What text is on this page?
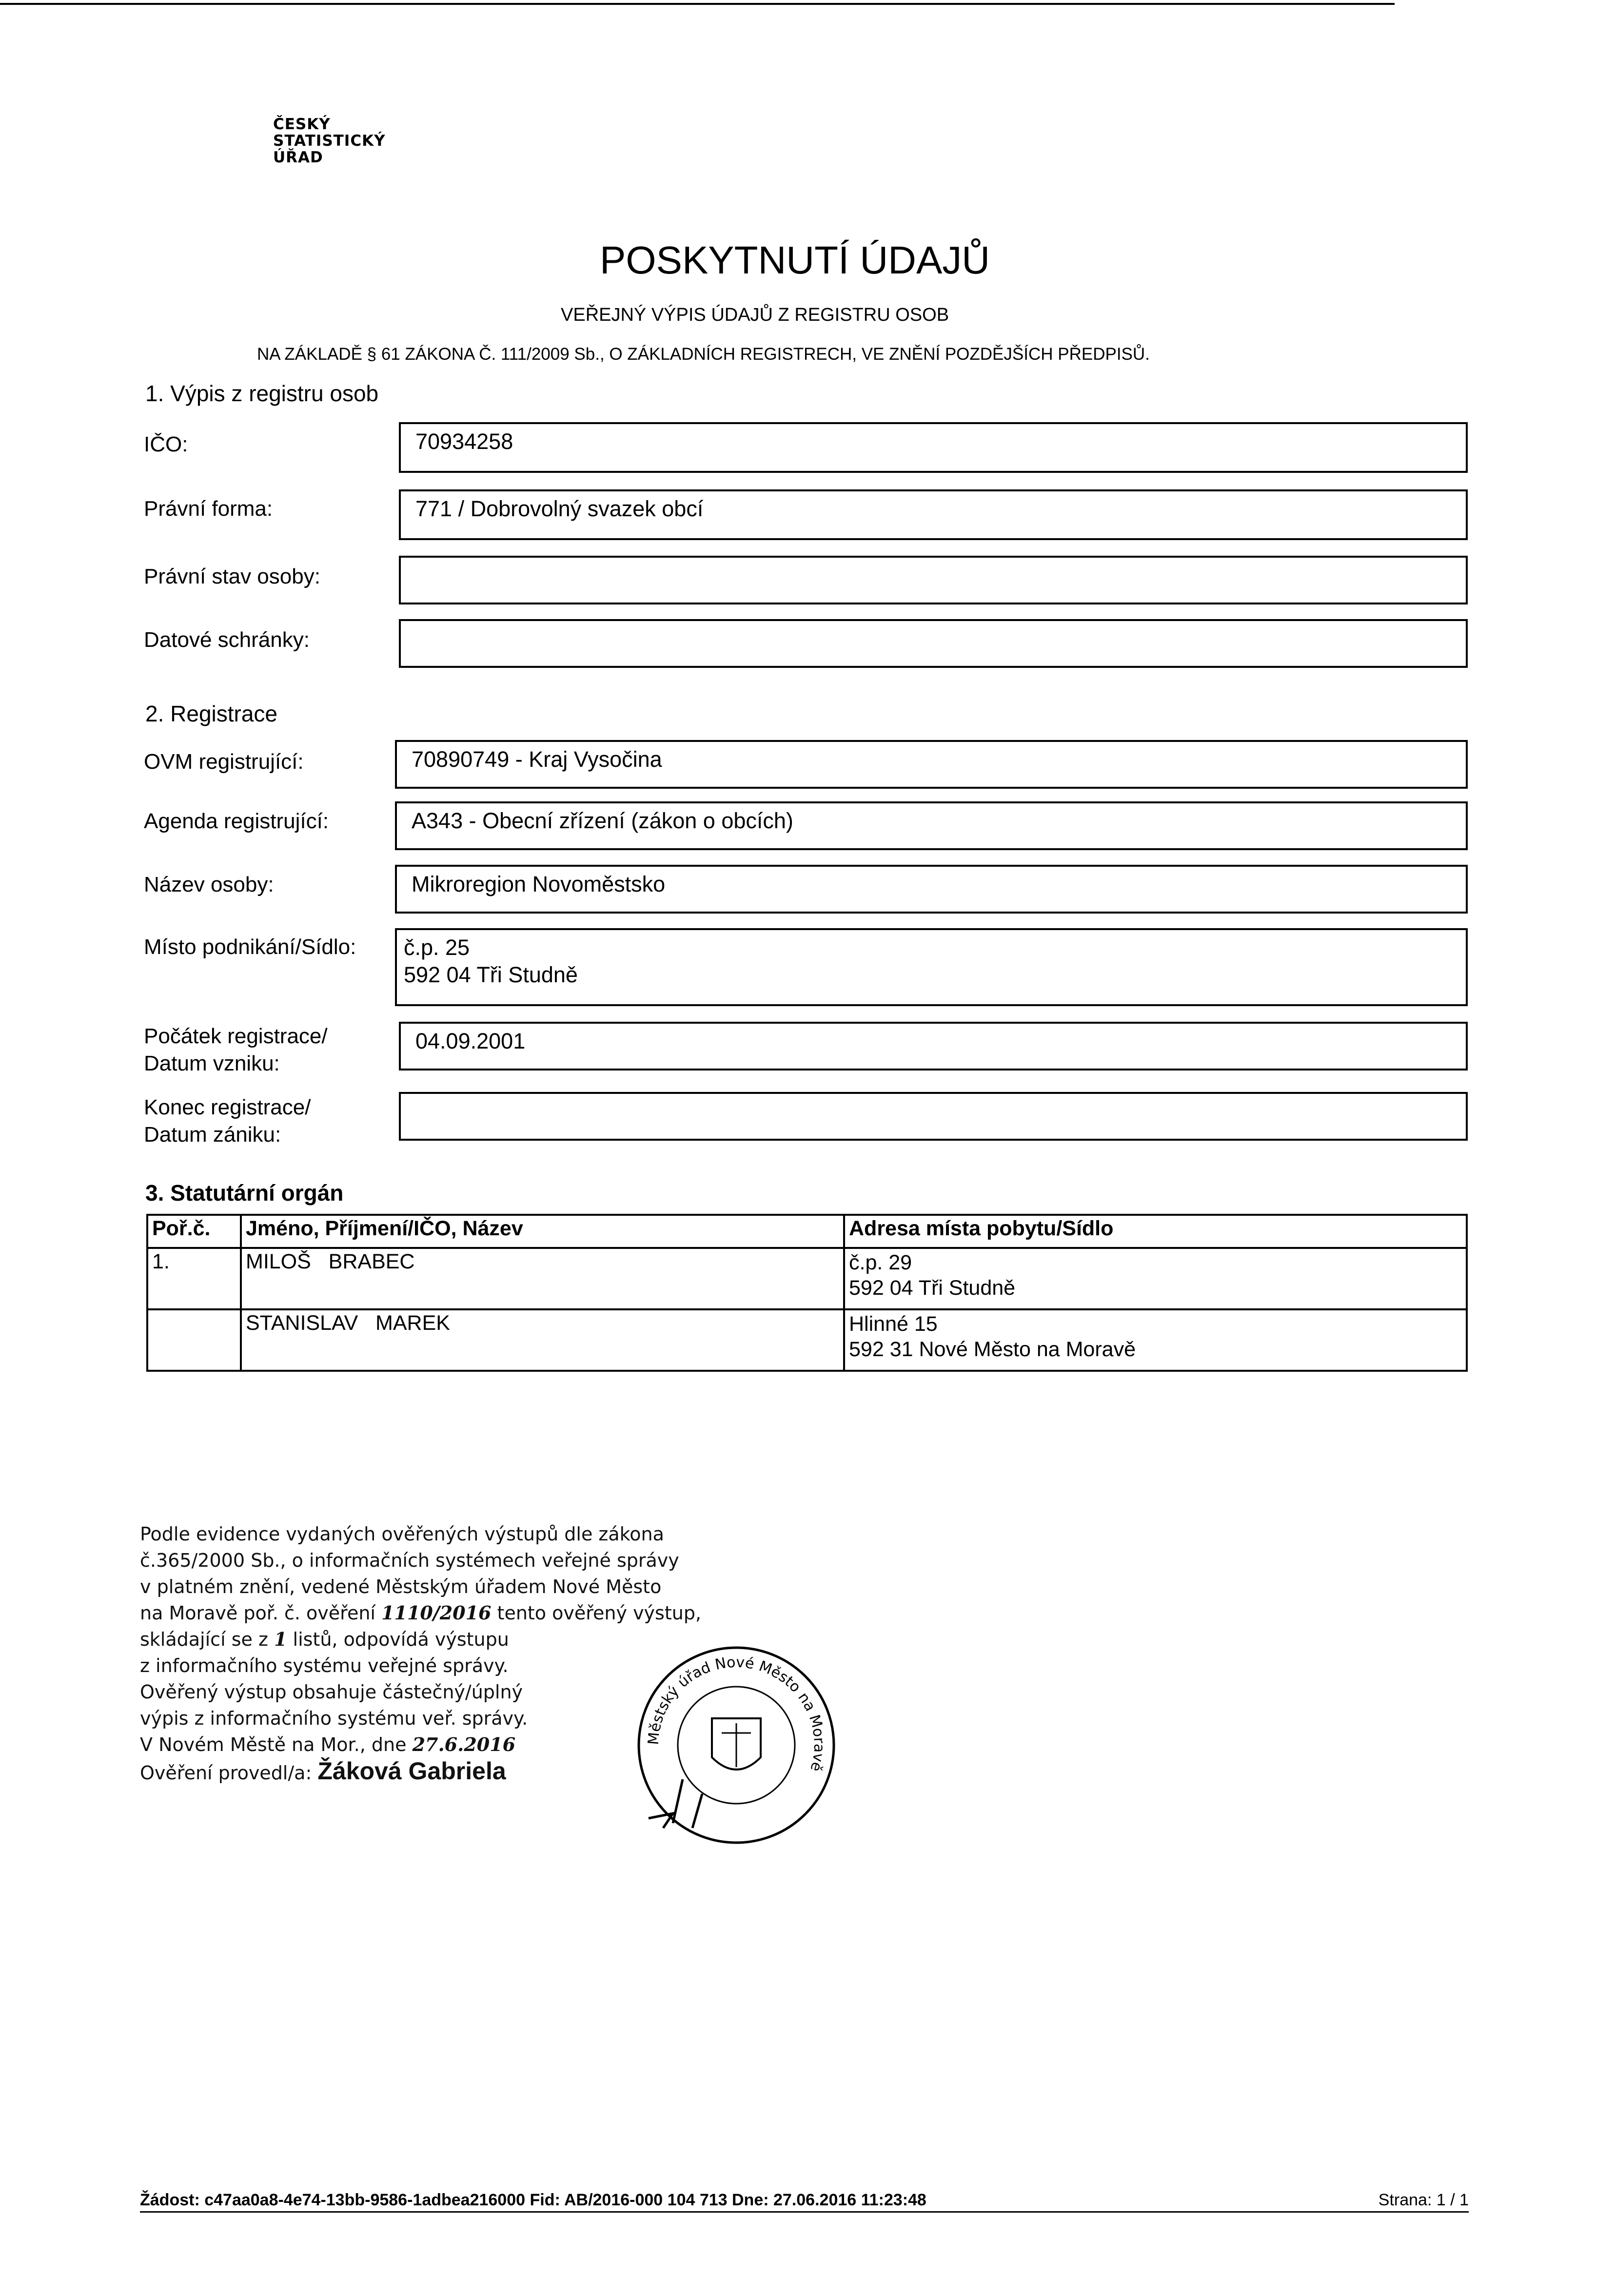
ČESKÝ
STATISTICKÝ
ÚŘAD
POSKYTNUTÍ ÚDAJŮ
VEŘEJNÝ VÝPIS ÚDAJŮ Z REGISTRU OSOB
NA ZÁKLADĚ § 61 ZÁKONA Č. 111/2009 Sb., O ZÁKLADNÍCH REGISTRECH, VE ZNĚNÍ POZDĚJŠÍCH PŘEDPISŮ.
1. Výpis z registru osob
IČO:	70934258
Právní forma:	771 / Dobrovolný svazek obcí
Právní stav osoby:
Datové schránky:
2. Registrace
OVM registrující:	70890749 - Kraj Vysočina
Agenda registrující:	A343 - Obecní zřízení (zákon o obcích)
Název osoby:	Mikroregion Novoměstsko
Místo podnikání/Sídlo: č.p. 25
592 04 Tři Studně
Počátek registrace/
Datum vzniku:
04.09.2001
Konec registrace/
Datum zániku:
3. Statutární orgán
Poř.č.	Jméno, Příjmení/IČO, Název	Adresa místa pobytu/Sídlo
1.	MILOŠ   BRABEC	č.p. 29
592 04 Tři Studně

	STANISLAV   MAREK	Hlinné 15
592 31 Nové Město na Moravě
Podle evidence vydaných ověřených výstupů dle zákona
č.365/2000 Sb., o informačních systémech veřejné správy
v platném znění, vedené Městským úřadem Nové Město
na Moravě poř. č. ověření 1110/2016 tento ověřený výstup,
skládající se z 1 listů, odpovídá výstupu
z informačního systému veřejné správy.
Ověřený výstup obsahuje částečný/úplný
výpis z informačního systému veř. správy.
V Novém Městě na Mor., dne 27.6.2016
Ověření provedl/a: Žáková Gabriela
Městský úřad Nové Město na Moravě
Žádost: c47aa0a8-4e74-13bb-9586-1adbea216000 Fid: AB/2016-000 104 713 Dne: 27.06.2016 11:23:48	Strana: 1 / 1
